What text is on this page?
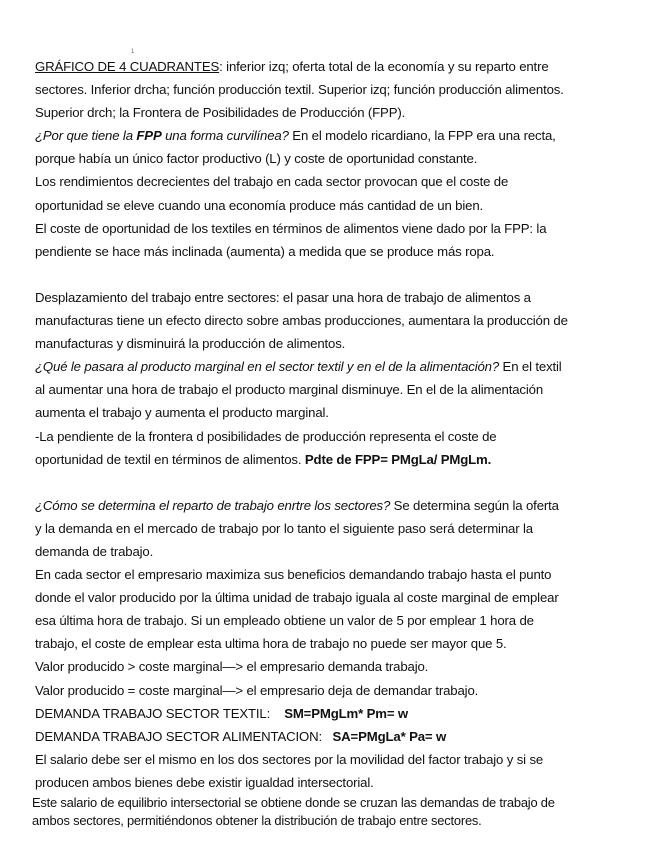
1
GRÁFICO DE 4 CUADRANTES: inferior izq; oferta total de la economía y su reparto entre
sectores. Inferior drcha; función producción textil. Superior izq; función producción alimentos.
Superior drch; la Frontera de Posibilidades de Producción (FPP).
¿Por que tiene la FPP una forma curvilínea? En el modelo ricardiano, la FPP era una recta,
porque había un único factor productivo (L) y coste de oportunidad constante.
Los rendimientos decrecientes del trabajo en cada sector provocan que el coste de
oportunidad se eleve cuando una economía produce más cantidad de un bien.
El coste de oportunidad de los textiles en términos de alimentos viene dado por la FPP: la
pendiente se hace más inclinada (aumenta) a medida que se produce más ropa.
Desplazamiento del trabajo entre sectores: el pasar una hora de trabajo de alimentos a
manufacturas tiene un efecto directo sobre ambas producciones, aumentara la producción de
manufacturas y disminuirá la producción de alimentos.
¿Qué le pasara al producto marginal en el sector textil y en el de la alimentación? En el textil
al aumentar una hora de trabajo el producto marginal disminuye. En el de la alimentación
aumenta el trabajo y aumenta el producto marginal.
-La pendiente de la frontera d posibilidades de producción representa el coste de
oportunidad de textil en términos de alimentos. Pdte de FPP= PMgLa/ PMgLm.
¿Cómo se determina el reparto de trabajo enrtre los sectores? Se determina según la oferta
y la demanda en el mercado de trabajo por lo tanto el siguiente paso será determinar la
demanda de trabajo.
En cada sector el empresario maximiza sus beneficios demandando trabajo hasta el punto
donde el valor producido por la última unidad de trabajo iguala al coste marginal de emplear
esa última hora de trabajo. Si un empleado obtiene un valor de 5 por emplear 1 hora de
trabajo, el coste de emplear esta ultima hora de trabajo no puede ser mayor que 5.
Valor producido > coste marginal—> el empresario demanda trabajo.
Valor producido = coste marginal—> el empresario deja de demandar trabajo.
DEMANDA TRABAJO SECTOR TEXTIL: SM=PMgLm* Pm= w
DEMANDA TRABAJO SECTOR ALIMENTACION: SA=PMgLa* Pa= w
El salario debe ser el mismo en los dos sectores por la movilidad del factor trabajo y si se
producen ambos bienes debe existir igualdad intersectorial.
Este salario de equilibrio intersectorial se obtiene donde se cruzan las demandas de trabajo de
ambos sectores, permitiéndonos obtener la distribución de trabajo entre sectores.
